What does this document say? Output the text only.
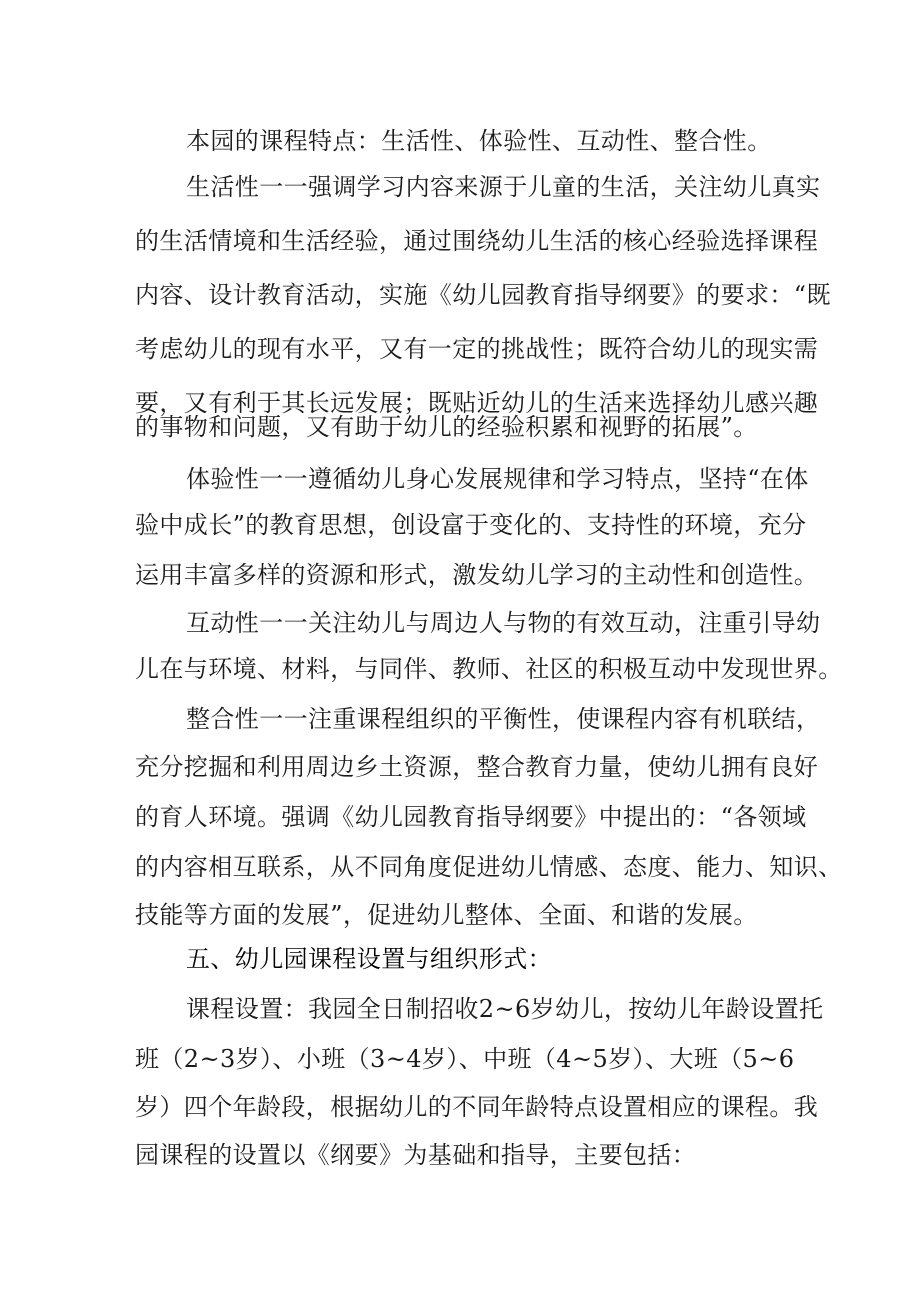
本园的课程特点：生活性、体验性、互动性、整合性。
生活性一一强调学习内容来源于儿童的生活，关注幼儿真实
的生活情境和生活经验，通过围绕幼儿生活的核心经验选择课程
内容、设计教育活动，实施《幼儿园教育指导纲要》的要求：“既
考虑幼儿的现有水平，又有一定的挑战性；既符合幼儿的现实需
要，又有利于其长远发展；既贴近幼儿的生活来选择幼儿感兴趣
的事物和问题，又有助于幼儿的经验积累和视野的拓展”。
体验性一一遵循幼儿身心发展规律和学习特点，坚持“在体
验中成长”的教育思想，创设富于变化的、支持性的环境，充分
运用丰富多样的资源和形式，激发幼儿学习的主动性和创造性。
互动性一一关注幼儿与周边人与物的有效互动，注重引导幼
儿在与环境、材料，与同伴、教师、社区的积极互动中发现世界。
整合性一一注重课程组织的平衡性，使课程内容有机联结，
充分挖掘和利用周边乡土资源，整合教育力量，使幼儿拥有良好
的育人环境。强调《幼儿园教育指导纲要》中提出的：“各领域
的内容相互联系，从不同角度促进幼儿情感、态度、能力、知识、
技能等方面的发展”，促进幼儿整体、全面、和谐的发展。
五、幼儿园课程设置与组织形式：
课程设置：我园全日制招收2~6岁幼儿，按幼儿年龄设置托
班（2~3岁）、小班（3~4岁）、中班（4~5岁）、大班（5~6
岁）四个年龄段，根据幼儿的不同年龄特点设置相应的课程。我
园课程的设置以《纲要》为基础和指导，主要包括：
